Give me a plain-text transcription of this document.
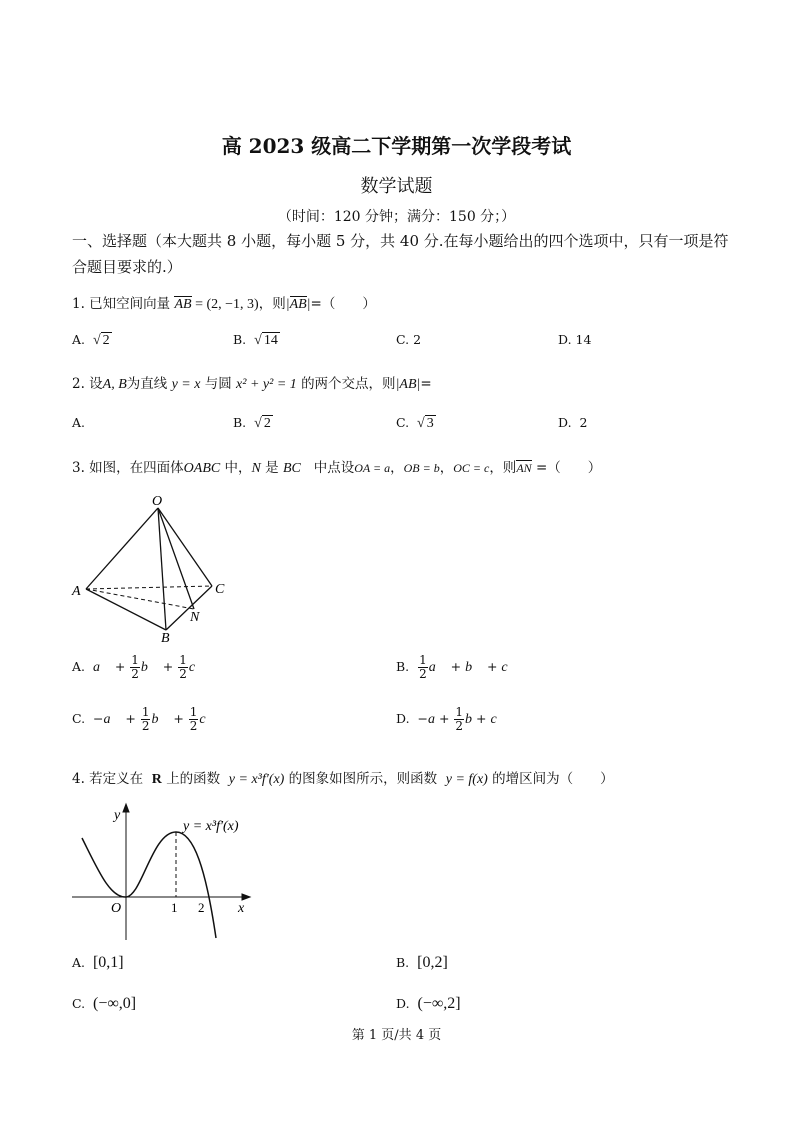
高 2023 级高二下学期第一次学段考试
数学试题
（时间：120 分钟；满分：150 分；）
一、选择题（本大题共 8 小题，每小题 5 分，共 40 分.在每小题给出的四个选项中，只有一项是符合题目要求的.）
1. 已知空间向量 AB = (2, −1, 3)，则|AB|=（　　）
A. √ 2	B. √ 14	C. 2	D. 14
2. 设A, B为直线 y = x 与圆 x² + y² = 1 的两个交点，则|AB|=
A.	B. √ 2	C. √ 3	D. 2
3. 如图，在四面体OABC 中，N 是 BC 中点设OA = a，OB = b，OC = c，则AN =（　　）
O
A
B
C
N
A. a⃗ + $\frac{1}{2}$ b⃗ + $\frac{1}{2}$ c⃗	B. $\frac{1}{2}$ a⃗ + b⃗ + c⃗
C.  −a⃗ + $\frac{1}{2}$ b⃗ + $\frac{1}{2}$ c⃗	D.  $-a + \frac{1}{2}$ b + c
4. 若定义在 R 上的函数 y = x³f′(x) 的图象如图所示，则函数 y = f(x) 的增区间为（　　）
y
x
O	1 2
y = x³f′(x)
A. [0,1]	B. [0,2]
C. (−∞,0]	D. (−∞,2]
第 1 页/共 4 页
